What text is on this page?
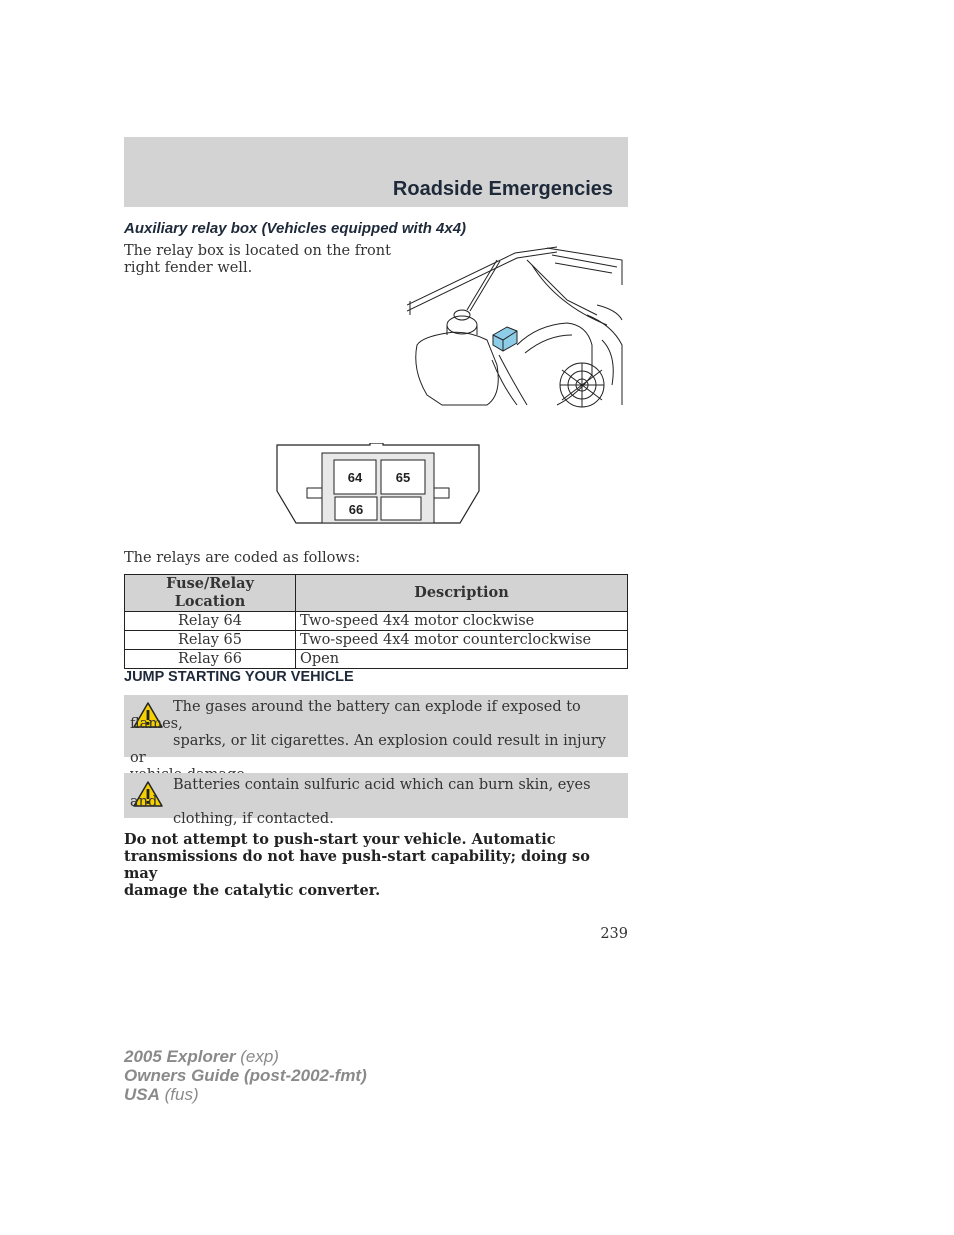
Roadside Emergencies
Auxiliary relay box (Vehicles equipped with 4x4)
The relay box is located on the front
right fender well.
64	65
66
The relays are coded as follows:
Fuse/Relay Location	Description
Relay 64	Two-speed 4x4 motor clockwise
Relay 65	Two-speed 4x4 motor counterclockwise
Relay 66	Open
JUMP STARTING YOUR VEHICLE
The gases around the battery can explode if exposed to flames,
sparks, or lit cigarettes. An explosion could result in injury or
Batteries contain sulfuric acid which can burn skin, eyes and
clothing, if contacted.
Do not attempt to push-start your vehicle. Automatic
transmissions do not have push-start capability; doing so may
damage the catalytic converter.
239
2005 Explorer (exp)
Owners Guide (post-2002-fmt)
USA (fus)
